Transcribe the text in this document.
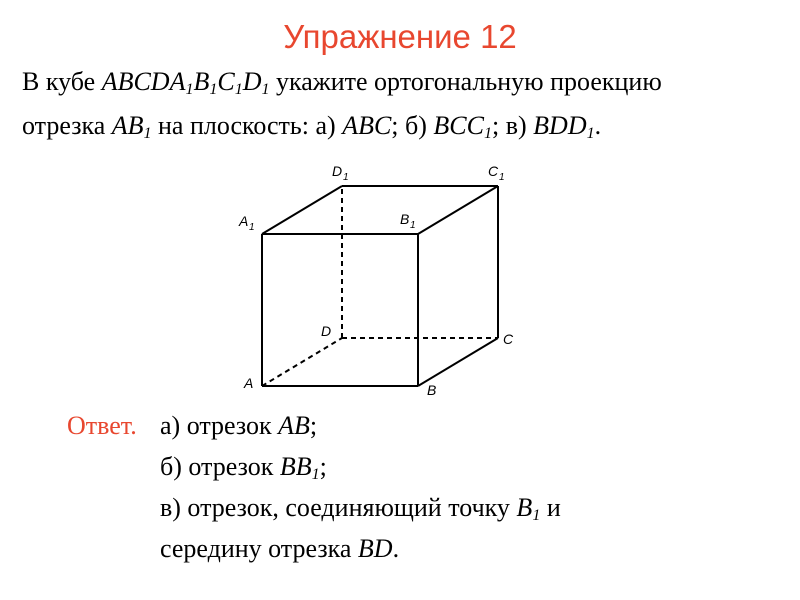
Упражнение 12
В кубе $ABCDA_1B_1C_1D_1$ укажите ортогональную проекцию
отрезка $AB_1$ на плоскость: а) ABC; б) $BCC_1$; в) $BDD_1$.
A	B
C
D
A 1
B 1
D 1	C 1
Ответ. а) отрезок AB;
б) отрезок $BB_1$;
в) отрезок, соединяющий точку $B_1$ и
середину отрезка BD.
